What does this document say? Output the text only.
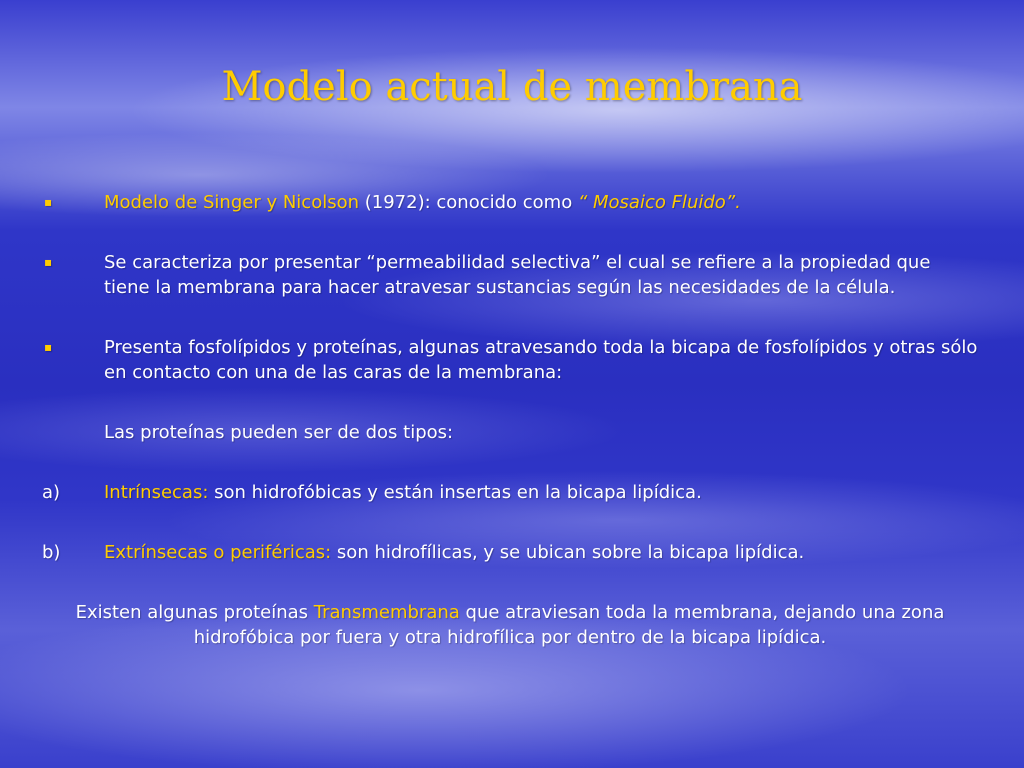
Modelo actual de membrana
▪	Modelo de Singer y Nicolson (1972): conocido como “ Mosaico Fluido”.
▪	Se caracteriza por presentar “permeabilidad selectiva” el cual se refiere a la propiedad que tiene la membrana para hacer atravesar sustancias según las necesidades de la célula.
▪	Presenta fosfolípidos y proteínas, algunas atravesando toda la bicapa de fosfolípidos y otras sólo en contacto con una de las caras de la membrana:
Las proteínas pueden ser de dos tipos:
a) Intrínsecas: son hidrofóbicas y están insertas en la bicapa lipídica.
b) Extrínsecas o periféricas: son hidrofílicas, y se ubican sobre la bicapa lipídica.
Existen algunas proteínas Transmembrana que atraviesan toda la membrana, dejando una zona hidrofóbica por fuera y otra hidrofílica por dentro de la bicapa lipídica.
